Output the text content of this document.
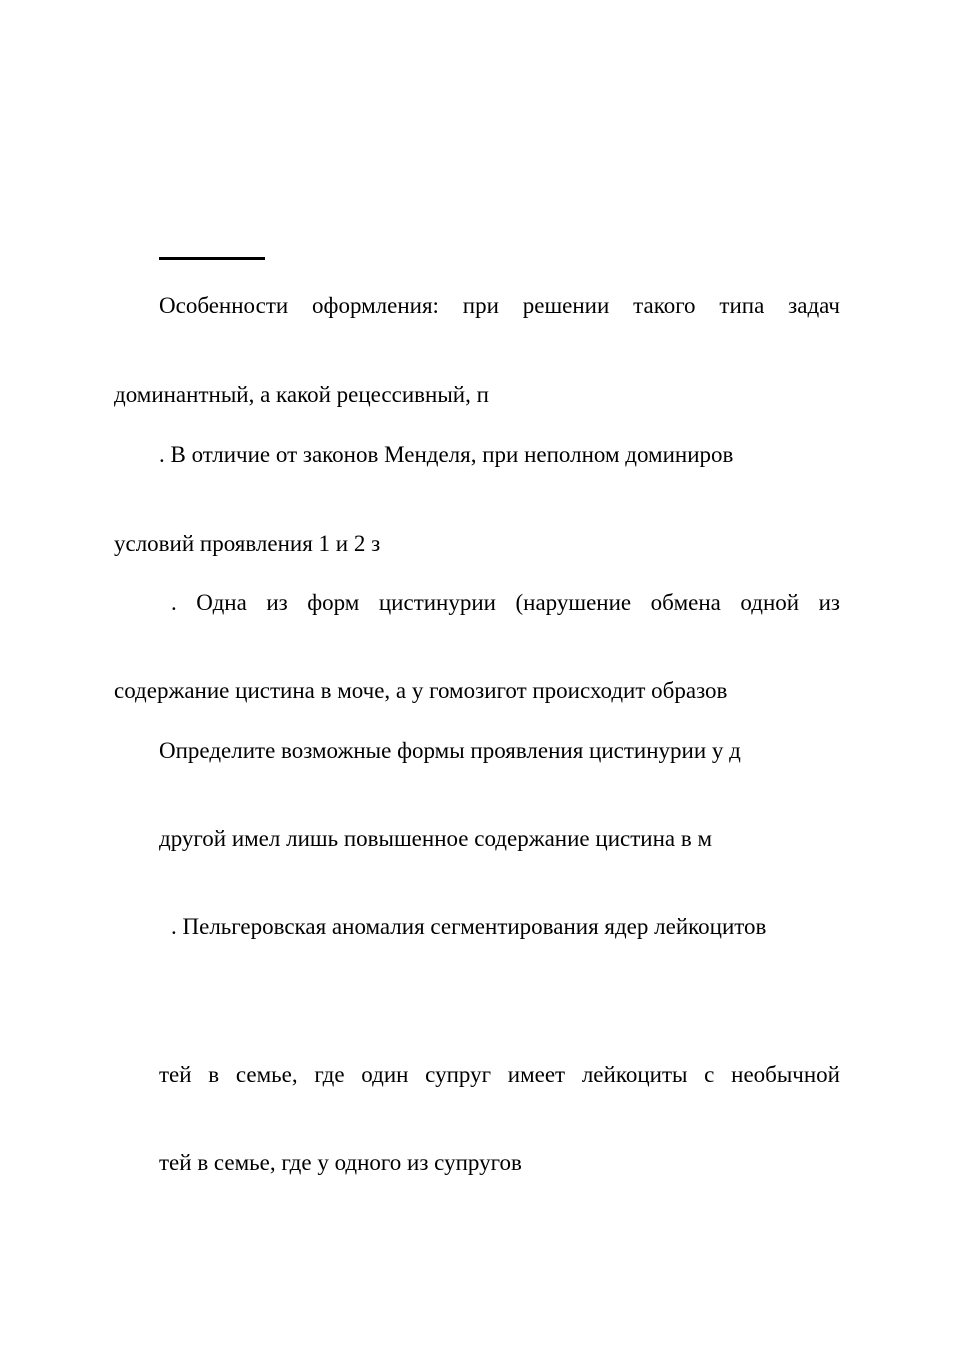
Особенности оформления: при решении такого типа задач
доминантный, а какой рецессивный, п
. В отличие от законов Менделя, при неполном доминиров
условий проявления 1 и 2 з
. Одна из форм цистинурии (нарушение обмена одной из
содержание цистина в моче, а у гомозигот происходит образов
Определите возможные формы проявления цистинурии у д
другой имел лишь повышенное содержание цистина в м
. Пельгеровская аномалия сегментирования ядер лейкоцитов
тей в семье, где один супруг имеет лейкоциты с необычной
тей в семье, где у одного из супругов
